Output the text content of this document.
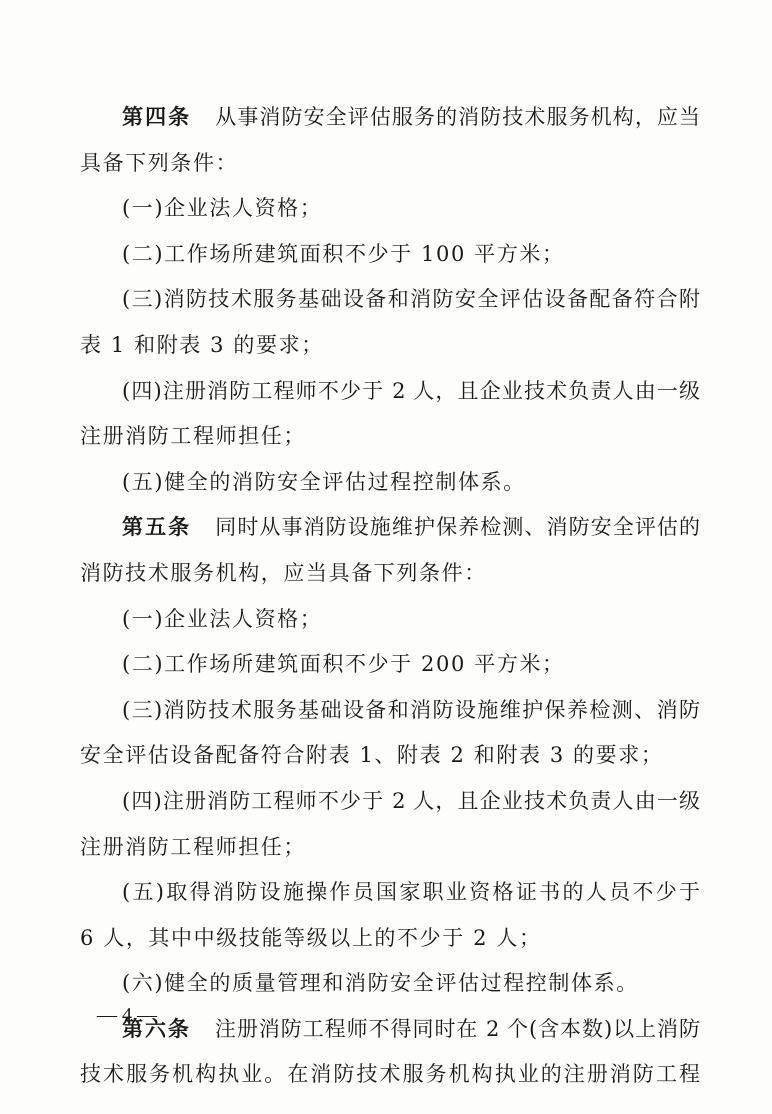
第四条 从事消防安全评估服务的消防技术服务机构，应当
具备下列条件：
(一)企业法人资格；
(二)工作场所建筑面积不少于 100 平方米；
(三)消防技术服务基础设备和消防安全评估设备配备符合附
表 1 和附表 3 的要求；
(四)注册消防工程师不少于 2 人，且企业技术负责人由一级
注册消防工程师担任；
(五)健全的消防安全评估过程控制体系。
第五条 同时从事消防设施维护保养检测、消防安全评估的
消防技术服务机构，应当具备下列条件：
(一)企业法人资格；
(二)工作场所建筑面积不少于 200 平方米；
(三)消防技术服务基础设备和消防设施维护保养检测、消防
安全评估设备配备符合附表 1、附表 2 和附表 3 的要求；
(四)注册消防工程师不少于 2 人，且企业技术负责人由一级
注册消防工程师担任；
(五)取得消防设施操作员国家职业资格证书的人员不少于
6 人，其中中级技能等级以上的不少于 2 人；
(六)健全的质量管理和消防安全评估过程控制体系。
第六条 注册消防工程师不得同时在 2 个(含本数)以上消防
技术服务机构执业。在消防技术服务机构执业的注册消防工程
— 4 —
